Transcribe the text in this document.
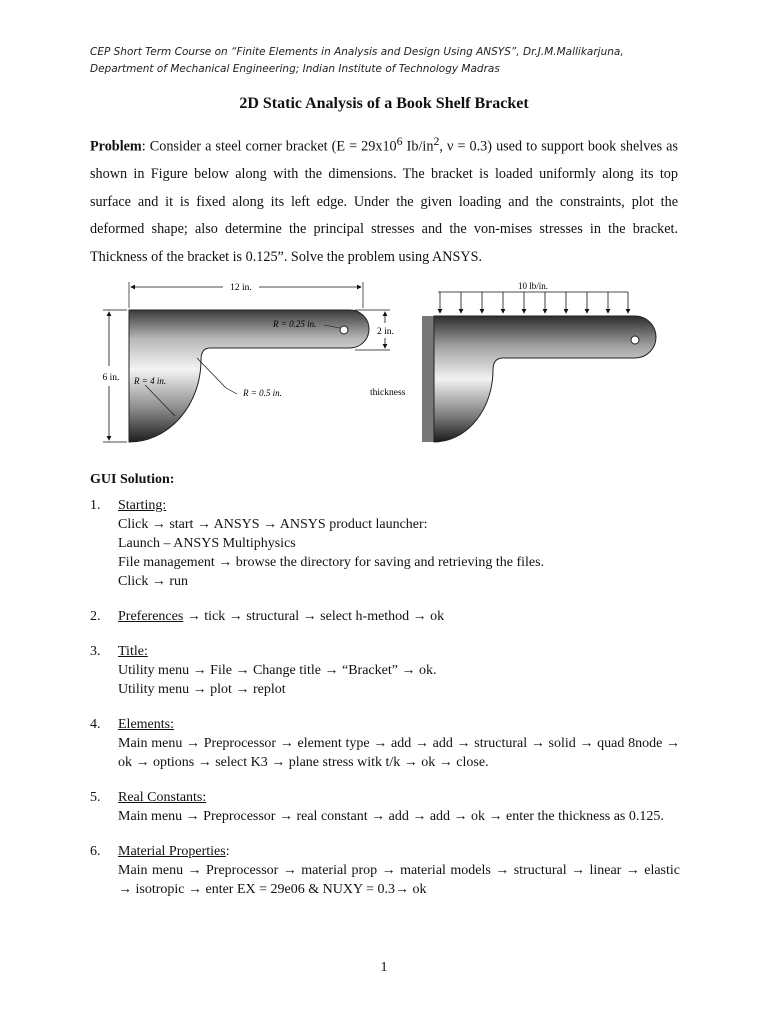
CEP Short Term Course on “Finite Elements in Analysis and Design Using ANSYS”, Dr.J.M.Mallikarjuna,
Department of Mechanical Engineering; Indian Institute of Technology Madras
2D Static Analysis of a Book Shelf Bracket
Problem: Consider a steel corner bracket ($E = 29x10^6$ $Ib/in^2$, ν = 0.3) used to support book shelves as shown in Figure below along with the dimensions. The bracket is loaded uniformly along its top surface and it is fixed along its left edge. Under the given loading and the constraints, plot the deformed shape; also determine the principal stresses and the von-mises stresses in the bracket. Thickness of the bracket is 0.125”. Solve the problem using ANSYS.
12 in.
6 in.
2 in.
R = 0.25 in.
R = 4 in.
R = 0.5 in.
10 lb/in.
thickness
GUI Solution:
1. Starting:
Click → start → ANSYS → ANSYS product launcher:
Launch – ANSYS Multiphysics
File management → browse the directory for saving and retrieving the files.
Click → run
2. Preferences → tick → structural → select h-method → ok
3. Title:
Utility menu → File → Change title → “Bracket” → ok.
Utility menu → plot → replot
4. Elements:
Main menu → Preprocessor → element type → add → add → structural → solid → quad 8node → ok → options → select K3 → plane stress witk t/k → ok → close.
5. Real Constants:
Main menu → Preprocessor → real constant → add → add → ok → enter the thickness as 0.125.
6. Material Properties:
Main menu → Preprocessor → material prop → material models → structural → linear → elastic → isotropic → enter EX = 29e06 & NUXY = 0.3→ ok
1
